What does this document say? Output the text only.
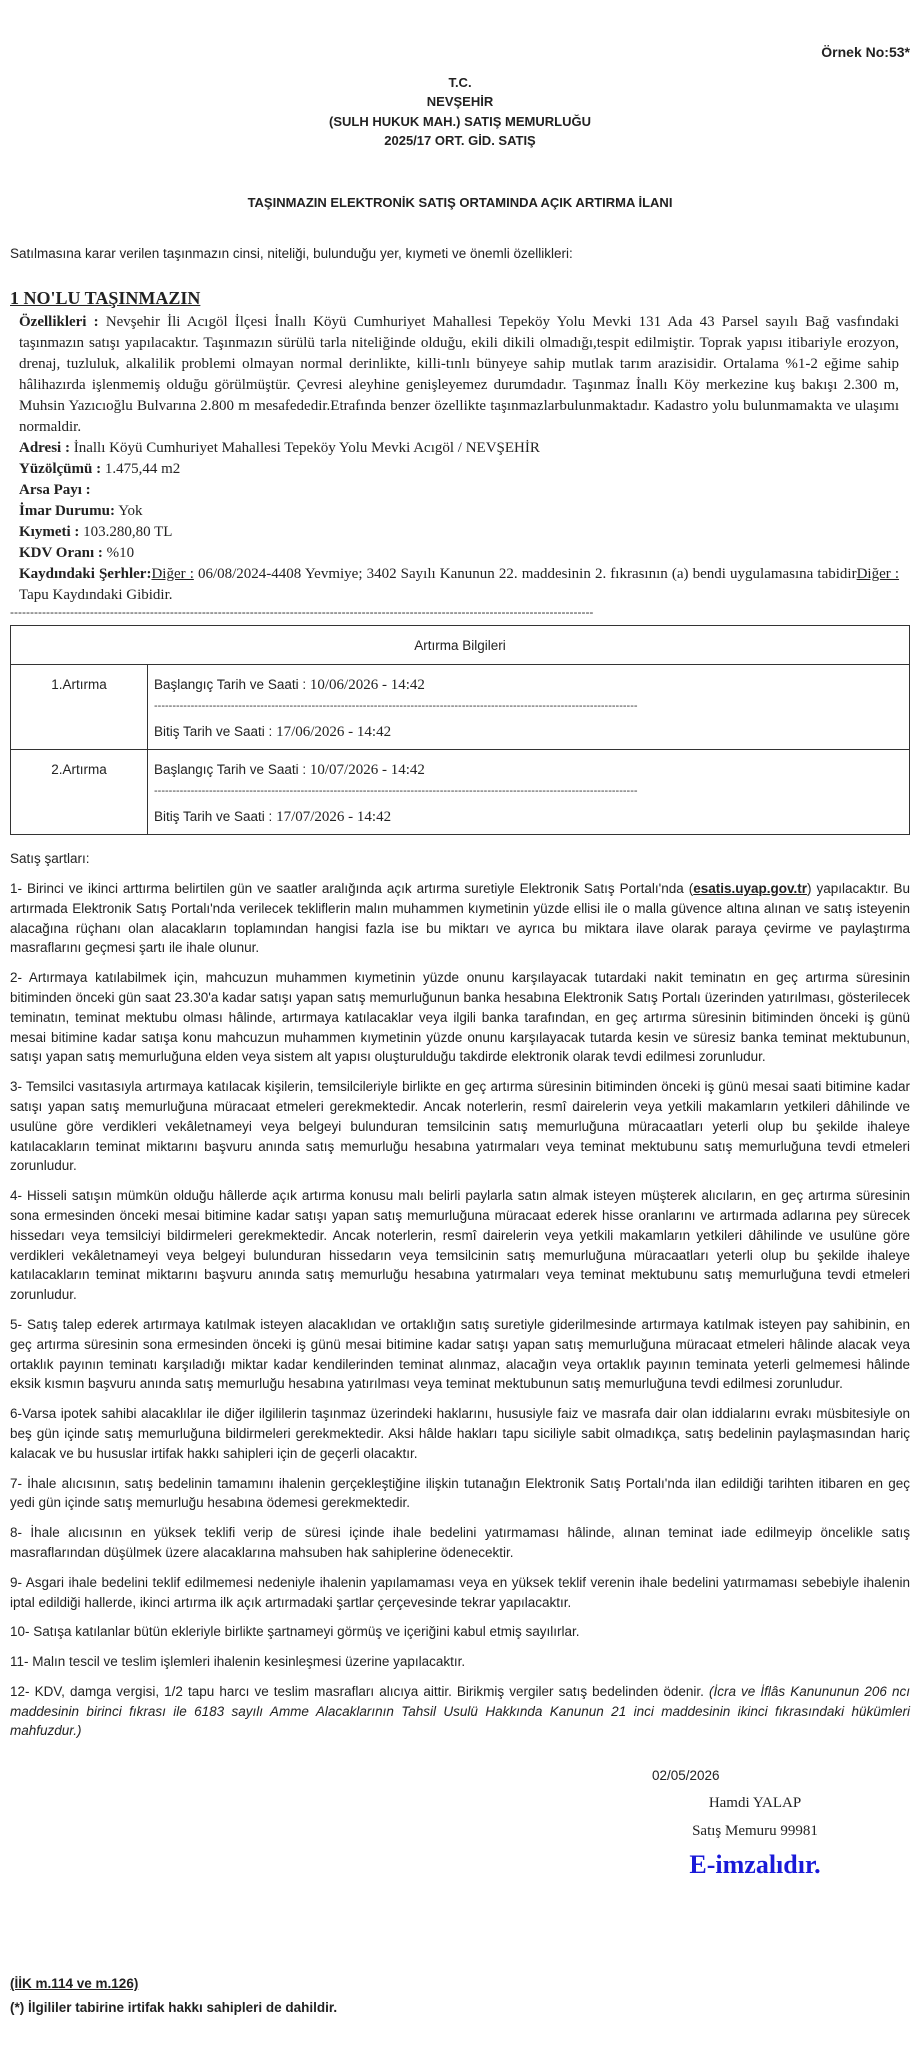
Örnek No:53*
T.C.
NEVŞEHİR
(SULH HUKUK MAH.) SATIŞ MEMURLUĞU
2025/17 ORT. GİD. SATIŞ
TAŞINMAZIN ELEKTRONİK SATIŞ ORTAMINDA AÇIK ARTIRMA İLANI
Satılmasına karar verilen taşınmazın cinsi, niteliği, bulunduğu yer, kıymeti ve önemli özellikleri:
1 NO'LU TAŞINMAZIN
Özellikleri : Nevşehir İli Acıgöl İlçesi İnallı Köyü Cumhuriyet Mahallesi Tepeköy Yolu Mevki 131 Ada 43 Parsel sayılı Bağ vasfındaki taşınmazın satışı yapılacaktır. Taşınmazın sürülü tarla niteliğinde olduğu, ekili dikili olmadığı,tespit edilmiştir. Toprak yapısı itibariyle erozyon, drenaj, tuzluluk, alkalilik problemi olmayan normal derinlikte, killi-tınlı bünyeye sahip mutlak tarım arazisidir. Ortalama %1-2 eğime sahip hâlihazırda işlenmemiş olduğu görülmüştür. Çevresi aleyhine genişleyemez durumdadır. Taşınmaz İnallı Köy merkezine kuş bakışı 2.300 m, Muhsin Yazıcıoğlu Bulvarına 2.800 m mesafededir.Etrafında benzer özellikte taşınmazlarbulunmaktadır. Kadastro yolu bulunmamakta ve ulaşımı normaldir.
Adresi : İnallı Köyü Cumhuriyet Mahallesi Tepeköy Yolu Mevki Acıgöl / NEVŞEHİR
Yüzölçümü : 1.475,44 m2
Arsa Payı :
İmar Durumu: Yok
Kıymeti : 103.280,80 TL
KDV Oranı : %10
Kaydındaki Şerhler:Diğer : 06/08/2024-4408 Yevmiye; 3402 Sayılı Kanunun 22. maddesinin 2. fıkrasının (a) bendi uygulamasına tabidirDiğer : Tapu Kaydındaki Gibidir.
--------------------------------------------------------------------------------------------------------------------------------------------------
Artırma Bilgileri	
1.Artırma	Başlangıç Tarih ve Saati : 10/06/2026 - 14:42
------------------------------------------------------------------------------------------------------------------------------------
Bitiş Tarih ve Saati : 17/06/2026 - 14:42

2.Artırma	Başlangıç Tarih ve Saati : 10/07/2026 - 14:42
------------------------------------------------------------------------------------------------------------------------------------
Bitiş Tarih ve Saati : 17/07/2026 - 14:42
Satış şartları:

1- Birinci ve ikinci arttırma belirtilen gün ve saatler aralığında açık artırma suretiyle Elektronik Satış Portalı'nda (esatis.uyap.gov.tr) yapılacaktır. Bu artırmada Elektronik Satış Portalı'nda verilecek tekliflerin malın muhammen kıymetinin yüzde ellisi ile o malla güvence altına alınan ve satış isteyenin alacağına rüçhanı olan alacakların toplamından hangisi fazla ise bu miktarı ve ayrıca bu miktara ilave olarak paraya çevirme ve paylaştırma masraflarını geçmesi şartı ile ihale olunur.

2- Artırmaya katılabilmek için, mahcuzun muhammen kıymetinin yüzde onunu karşılayacak tutardaki nakit teminatın en geç artırma süresinin bitiminden önceki gün saat 23.30'a kadar satışı yapan satış memurluğunun banka hesabına Elektronik Satış Portalı üzerinden yatırılması, gösterilecek teminatın, teminat mektubu olması hâlinde, artırmaya katılacaklar veya ilgili banka tarafından, en geç artırma süresinin bitiminden önceki iş günü mesai bitimine kadar satışa konu mahcuzun muhammen kıymetinin yüzde onunu karşılayacak tutarda kesin ve süresiz banka teminat mektubunun, satışı yapan satış memurluğuna elden veya sistem alt yapısı oluşturulduğu takdirde elektronik olarak tevdi edilmesi zorunludur.

3- Temsilci vasıtasıyla artırmaya katılacak kişilerin, temsilcileriyle birlikte en geç artırma süresinin bitiminden önceki iş günü mesai saati bitimine kadar satışı yapan satış memurluğuna müracaat etmeleri gerekmektedir. Ancak noterlerin, resmî dairelerin veya yetkili makamların yetkileri dâhilinde ve usulüne göre verdikleri vekâletnameyi veya belgeyi bulunduran temsilcinin satış memurluğuna müracaatları yeterli olup bu şekilde ihaleye katılacakların teminat miktarını başvuru anında satış memurluğu hesabına yatırmaları veya teminat mektubunu satış memurluğuna tevdi etmeleri zorunludur.

4- Hisseli satışın mümkün olduğu hâllerde açık artırma konusu malı belirli paylarla satın almak isteyen müşterek alıcıların, en geç artırma süresinin sona ermesinden önceki mesai bitimine kadar satışı yapan satış memurluğuna müracaat ederek hisse oranlarını ve artırmada adlarına pey sürecek hissedarı veya temsilciyi bildirmeleri gerekmektedir. Ancak noterlerin, resmî dairelerin veya yetkili makamların yetkileri dâhilinde ve usulüne göre verdikleri vekâletnameyi veya belgeyi bulunduran hissedarın veya temsilcinin satış memurluğuna müracaatları yeterli olup bu şekilde ihaleye katılacakların teminat miktarını başvuru anında satış memurluğu hesabına yatırmaları veya teminat mektubunu satış memurluğuna tevdi etmeleri zorunludur.

5- Satış talep ederek artırmaya katılmak isteyen alacaklıdan ve ortaklığın satış suretiyle giderilmesinde artırmaya katılmak isteyen pay sahibinin, en geç artırma süresinin sona ermesinden önceki iş günü mesai bitimine kadar satışı yapan satış memurluğuna müracaat etmeleri hâlinde alacak veya ortaklık payının teminatı karşıladığı miktar kadar kendilerinden teminat alınmaz, alacağın veya ortaklık payının teminata yeterli gelmemesi hâlinde eksik kısmın başvuru anında satış memurluğu hesabına yatırılması veya teminat mektubunun satış memurluğuna tevdi edilmesi zorunludur.

6-Varsa ipotek sahibi alacaklılar ile diğer ilgililerin taşınmaz üzerindeki haklarını, hususiyle faiz ve masrafa dair olan iddialarını evrakı müsbitesiyle on beş gün içinde satış memurluğuna bildirmeleri gerekmektedir. Aksi hâlde hakları tapu siciliyle sabit olmadıkça, satış bedelinin paylaşmasından hariç kalacak ve bu hususlar irtifak hakkı sahipleri için de geçerli olacaktır.

7- İhale alıcısının, satış bedelinin tamamını ihalenin gerçekleştiğine ilişkin tutanağın Elektronik Satış Portalı'nda ilan edildiği tarihten itibaren en geç yedi gün içinde satış memurluğu hesabına ödemesi gerekmektedir.

8- İhale alıcısının en yüksek teklifi verip de süresi içinde ihale bedelini yatırmaması hâlinde, alınan teminat iade edilmeyip öncelikle satış masraflarından düşülmek üzere alacaklarına mahsuben hak sahiplerine ödenecektir.

9- Asgari ihale bedelini teklif edilmemesi nedeniyle ihalenin yapılamaması veya en yüksek teklif verenin ihale bedelini yatırmaması sebebiyle ihalenin iptal edildiği hallerde, ikinci artırma ilk açık artırmadaki şartlar çerçevesinde tekrar yapılacaktır.

10- Satışa katılanlar bütün ekleriyle birlikte şartnameyi görmüş ve içeriğini kabul etmiş sayılırlar.

11- Malın tescil ve teslim işlemleri ihalenin kesinleşmesi üzerine yapılacaktır.

12- KDV, damga vergisi, 1/2 tapu harcı ve teslim masrafları alıcıya aittir. Birikmiş vergiler satış bedelinden ödenir. (İcra ve İflâs Kanununun 206 ncı maddesinin birinci fıkrası ile 6183 sayılı Amme Alacaklarının Tahsil Usulü Hakkında Kanunun 21 inci maddesinin ikinci fıkrasındaki hükümleri mahfuzdur.)

02/05/2026
Hamdi YALAP
Satış Memuru 99981
E-imzalıdır.
(İİK m.114 ve m.126)
(*) İlgililer tabirine irtifak hakkı sahipleri de dahildir.
